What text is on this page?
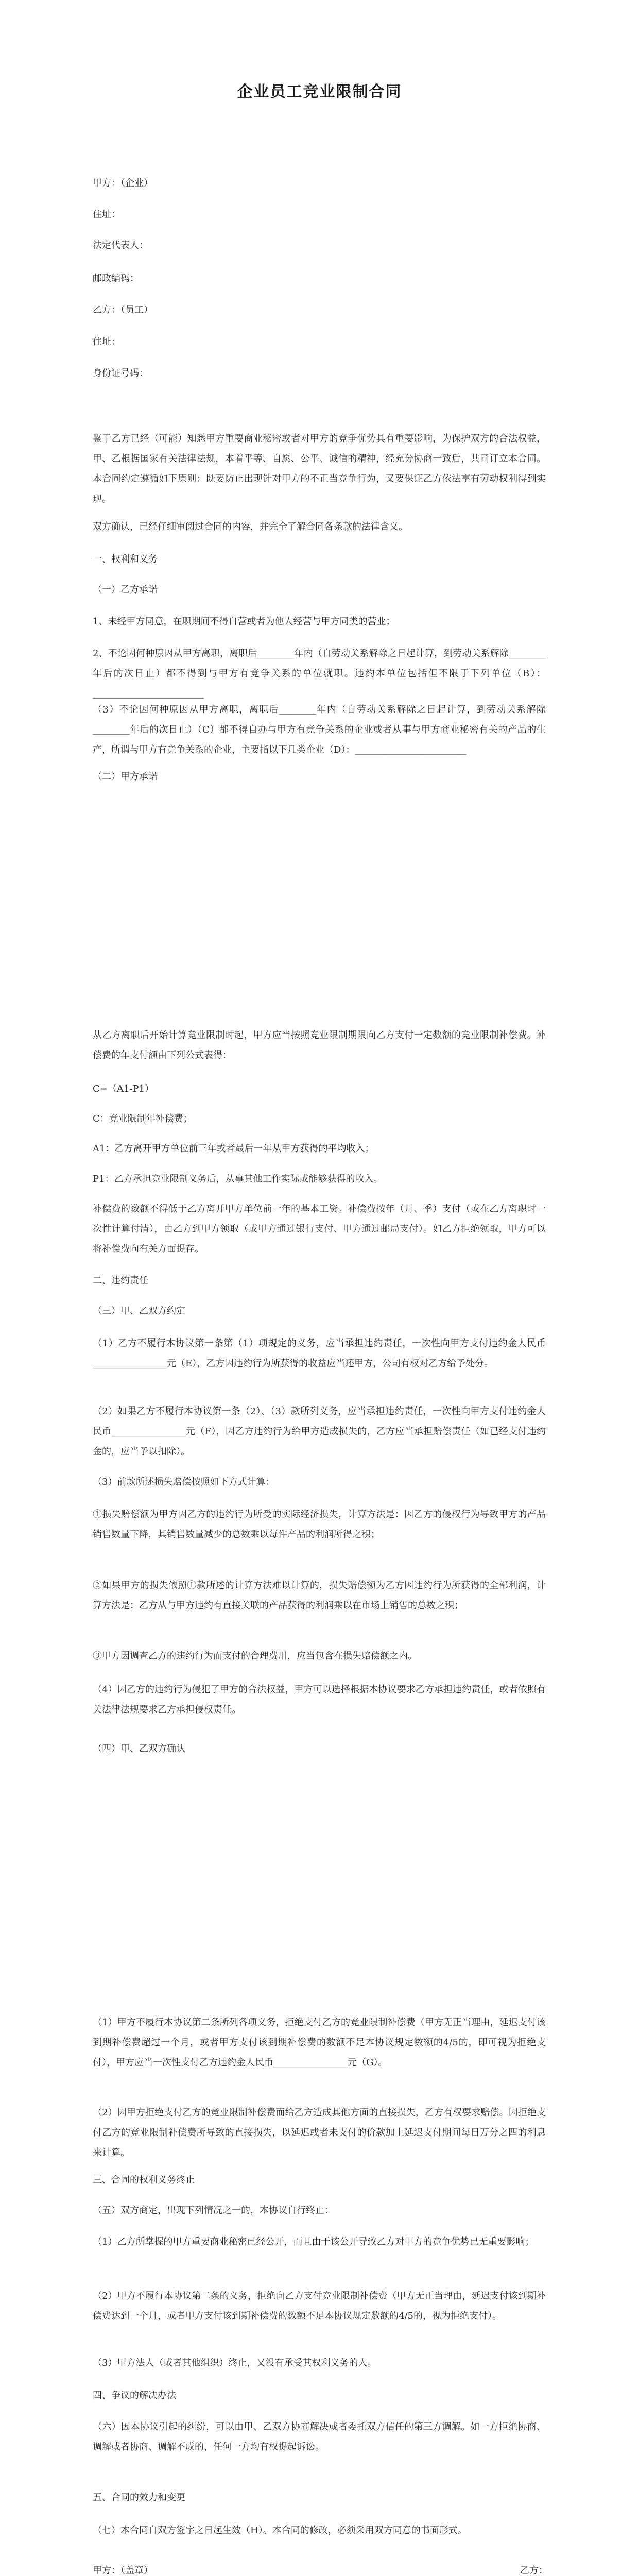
企业员工竞业限制合同
甲方：（企业）
住址：
法定代表人：
邮政编码：
乙方：（员工）
住址：
身份证号码：
鉴于乙方已经（可能）知悉甲方重要商业秘密或者对甲方的竞争优势具有重要影响，为保护双方的合法权益，甲、乙根据国家有关法律法规，本着平等、自愿、公平、诚信的精神，经充分协商一致后，共同订立本合同。本合同约定遵循如下原则：既要防止出现针对甲方的不正当竞争行为，又要保证乙方依法享有劳动权利得到实现。
双方确认，已经仔细审阅过合同的内容，并完全了解合同各条款的法律含义。
一、权利和义务
（一）乙方承诺
1、未经甲方同意，在职期间不得自营或者为他人经营与甲方同类的营业；
2、不论因何种原因从甲方离职，离职后________年内（自劳动关系解除之日起计算，到劳动关系解除________年后的次日止）都不得到与甲方有竞争关系的单位就职。违约本单位包括但不限于下列单位（B）：________________________
（3）不论因何种原因从甲方离职，离职后________年内（自劳动关系解除之日起计算，到劳动关系解除________年后的次日止）（C）都不得自办与甲方有竞争关系的企业或者从事与甲方商业秘密有关的产品的生产，所谓与甲方有竞争关系的企业，主要指以下几类企业（D）：________________________
（二）甲方承诺
从乙方离职后开始计算竞业限制时起，甲方应当按照竞业限制期限向乙方支付一定数额的竞业限制补偿费。补偿费的年支付额由下列公式表得：
C=（A1-P1）
C：竞业限制年补偿费；
A1：乙方离开甲方单位前三年或者最后一年从甲方获得的平均收入；
P1：乙方承担竞业限制义务后，从事其他工作实际或能够获得的收入。
补偿费的数额不得低于乙方离开甲方单位前一年的基本工资。补偿费按年（月、季）支付（或在乙方离职时一次性计算付清），由乙方到甲方领取（或甲方通过银行支付、甲方通过邮局支付）。如乙方拒绝领取，甲方可以将补偿费向有关方面提存。
二、违约责任
（三）甲、乙双方约定
（1）乙方不履行本协议第一条第（1）项规定的义务，应当承担违约责任，一次性向甲方支付违约金人民币________________元（E），乙方因违约行为所获得的收益应当还甲方，公司有权对乙方给予处分。
（2）如果乙方不履行本协议第一条（2）、（3）款所列义务，应当承担违约责任，一次性向甲方支付违约金人民币________________元（F），因乙方违约行为给甲方造成损失的，乙方应当承担赔偿责任（如已经支付违约金的，应当予以扣除）。
（3）前款所述损失赔偿按照如下方式计算：
①损失赔偿额为甲方因乙方的违约行为所受的实际经济损失，计算方法是：因乙方的侵权行为导致甲方的产品销售数量下降，其销售数量减少的总数乘以每件产品的利润所得之积；
②如果甲方的损失依照①款所述的计算方法难以计算的，损失赔偿额为乙方因违约行为所获得的全部利润，计算方法是：乙方从与甲方违约有直接关联的产品获得的利润乘以在市场上销售的总数之积；
③甲方因调查乙方的违约行为而支付的合理费用，应当包含在损失赔偿额之内。
（4）因乙方的违约行为侵犯了甲方的合法权益，甲方可以选择根据本协议要求乙方承担违约责任，或者依照有关法律法规要求乙方承担侵权责任。
（四）甲、乙双方确认
（1）甲方不履行本协议第二条所列各项义务，拒绝支付乙方的竞业限制补偿费（甲方无正当理由，延迟支付该到期补偿费超过一个月，或者甲方支付该到期补偿费的数额不足本协议规定数额的4/5的，即可视为拒绝支付），甲方应当一次性支付乙方违约金人民币________________元（G）。
（2）因甲方拒绝支付乙方的竞业限制补偿费而给乙方造成其他方面的直接损失，乙方有权要求赔偿。因拒绝支付乙方的竞业限制补偿费所导致的直接损失，以延迟或者未支付的价款加上延迟支付期间每日万分之四的利息来计算。
三、合同的权利义务终止
（五）双方商定，出现下列情况之一的，本协议自行终止：
（1）乙方所掌握的甲方重要商业秘密已经公开，而且由于该公开导致乙方对甲方的竞争优势已无重要影响；
（2）甲方不履行本协议第二条的义务，拒绝向乙方支付竞业限制补偿费（甲方无正当理由，延迟支付该到期补偿费达到一个月，或者甲方支付该到期补偿费的数额不足本协议规定数额的4/5的，视为拒绝支付）。
（3）甲方法人（或者其他组织）终止，又没有承受其权利义务的人。
四、争议的解决办法
（六）因本协议引起的纠纷，可以由甲、乙双方协商解决或者委托双方信任的第三方调解。如一方拒绝协商、调解或者协商、调解不成的，任何一方均有权提起诉讼。
五、合同的效力和变更
（七）本合同自双方签字之日起生效（H）。本合同的修改，必须采用双方同意的书面形式。
甲方：（盖章）	乙方：
